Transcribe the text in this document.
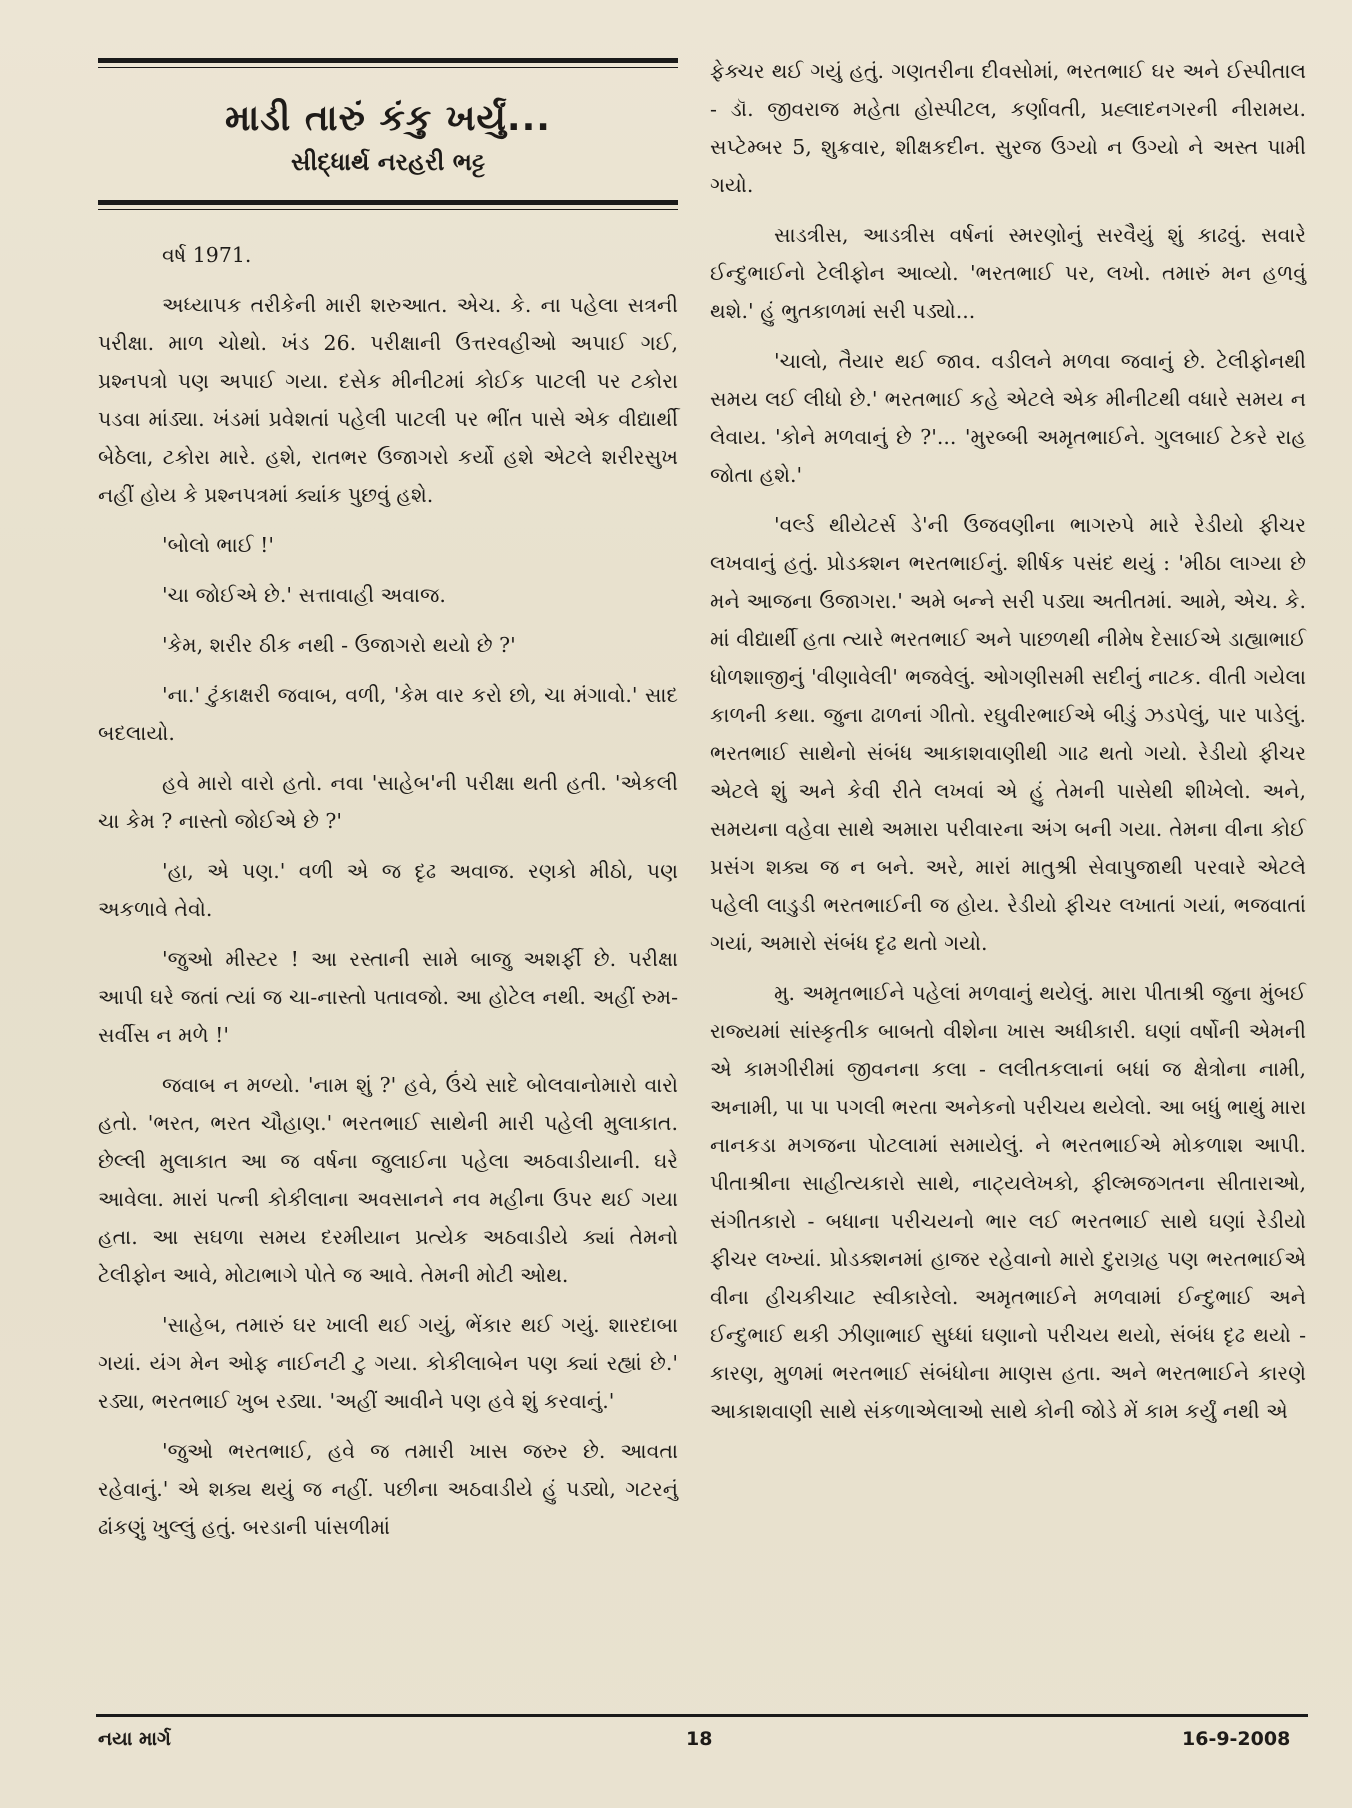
માડી તારું કંકુ ખર્યું...
સીદ્ધાર્થ નરહરી ભટ્ટ

વર્ષ 1971.

અધ્યાપક તરીકેની મારી શરુઆત. એચ. કે. ના પહેલા સત્રની પરીક્ષા. માળ ચોથો. ખંડ 26. પરીક્ષાની ઉત્તરવહીઓ અપાઈ ગઈ, પ્રશ્નપત્રો પણ અપાઈ ગયા. દસેક મીનીટમાં કોઈક પાટલી પર ટકોરા પડવા માંડ્યા. ખંડમાં પ્રવેશતાં પહેલી પાટલી પર ભીંત પાસે એક વીદ્યાર્થી બેઠેલા, ટકોરા મારે. હશે, રાતભર ઉજાગરો કર્યો હશે એટલે શરીરસુખ નહીં હોય કે પ્રશ્નપત્રમાં ક્યાંક પુછવું હશે.

'બોલો ભાઈ !'

'ચા જોઈએ છે.' સત્તાવાહી અવાજ.

'કેમ, શરીર ઠીક નથી - ઉજાગરો થયો છે ?'

'ના.' ટુંકાક્ષરી જવાબ, વળી, 'કેમ વાર કરો છો, ચા મંગાવો.' સાદ બદલાયો.

હવે મારો વારો હતો. નવા 'સાહેબ'ની પરીક્ષા થતી હતી. 'એકલી ચા કેમ ? નાસ્તો જોઈએ છે ?'

'હા, એ પણ.' વળી એ જ દૃઢ અવાજ. રણકો મીઠો, પણ અકળાવે તેવો.

'જુઓ મીસ્ટર ! આ રસ્તાની સામે બાજુ અશર્ફી છે. પરીક્ષા આપી ઘરે જતાં ત્યાં જ ચા-નાસ્તો પતાવજો. આ હોટેલ નથી. અહીં રુમ-સર્વીસ ન મળે !'

જવાબ ન મળ્યો. 'નામ શું ?' હવે, ઉંચે સાદે બોલવાનોમારો વારો હતો. 'ભરત, ભરત ચૌહાણ.' ભરતભાઈ સાથેની મારી પહેલી મુલાકાત. છેલ્લી મુલાકાત આ જ વર્ષના જુલાઈના પહેલા અઠવાડીયાની. ઘરે આવેલા. મારાં પત્ની કોકીલાના અવસાનને નવ મહીના ઉપર થઈ ગયા હતા. આ સઘળા સમય દરમીયાન પ્રત્યેક અઠવાડીયે ક્યાં તેમનો ટેલીફોન આવે, મોટાભાગે પોતે જ આવે. તેમની મોટી ઓથ.

'સાહેબ, તમારું ઘર ખાલી થઈ ગયું, ભેંકાર થઈ ગયું. શારદાબા ગયાં. યંગ મેન ઓફ નાઈનટી ટુ ગયા. કોકીલાબેન પણ ક્યાં રહ્યાં છે.' રડ્યા, ભરતભાઈ ખુબ રડ્યા. 'અહીં આવીને પણ હવે શું કરવાનું.'

'જુઓ ભરતભાઈ, હવે જ તમારી ખાસ જરુર છે. આવતા રહેવાનું.' એ શક્ય થયું જ નહીં. પછીના અઠવાડીયે હું પડ્યો, ગટરનું ઢાંકણું ખુલ્લું હતું. બરડાની પાંસળીમાં

ફેક્ચર થઈ ગયું હતું. ગણતરીના દીવસોમાં, ભરતભાઈ ઘર અને ઈસ્પીતાલ - ડૉ. જીવરાજ મહેતા હોસ્પીટલ, કર્ણાવતી, પ્રહ્લાદનગરની નીરામય. સપ્ટેમ્બર 5, શુક્રવાર, શીક્ષકદીન. સુરજ ઉગ્યો ન ઉગ્યો ને અસ્ત પામી ગયો.

સાડત્રીસ, આડત્રીસ વર્ષનાં સ્મરણોનું સરવૈયું શું કાઢવું. સવારે ઈન્દુભાઈનો ટેલીફોન આવ્યો. 'ભરતભાઈ પર, લખો. તમારું મન હળવું થશે.' હું ભુતકાળમાં સરી પડ્યો...

'ચાલો, તૈયાર થઈ જાવ. વડીલને મળવા જવાનું છે. ટેલીફોનથી સમય લઈ લીધો છે.' ભરતભાઈ કહે એટલે એક મીનીટથી વધારે સમય ન લેવાય. 'કોને મળવાનું છે ?'... 'મુરબ્બી અમૃતભાઈને. ગુલબાઈ ટેકરે રાહ જોતા હશે.'

'વર્લ્ડ થીયેટર્સ ડે'ની ઉજવણીના ભાગરુપે મારે રેડીયો ફીચર લખવાનું હતું. પ્રોડક્શન ભરતભાઈનું. શીર્ષક પસંદ થયું : 'મીઠા લાગ્યા છે મને આજના ઉજાગરા.' અમે બન્ને સરી પડ્યા અતીતમાં. આમે, એચ. કે. માં વીદ્યાર્થી હતા ત્યારે ભરતભાઈ અને પાછળથી નીમેષ દેસાઈએ ડાહ્યાભાઈ ધોળશાજીનું 'વીણાવેલી' ભજવેલું. ઓગણીસમી સદીનું નાટક. વીતી ગયેલા કાળની કથા. જુના ઢાળનાં ગીતો. રઘુવીરભાઈએ બીડું ઝડપેલું, પાર પાડેલું. ભરતભાઈ સાથેનો સંબંધ આકાશવાણીથી ગાઢ થતો ગયો. રેડીયો ફીચર એટલે શું અને કેવી રીતે લખવાં એ હું તેમની પાસેથી શીખેલો. અને, સમયના વહેવા સાથે અમારા પરીવારના અંગ બની ગયા. તેમના વીના કોઈ પ્રસંગ શક્ય જ ન બને. અરે, મારાં માતુશ્રી સેવાપુજાથી પરવારે એટલે પહેલી લાડુડી ભરતભાઈની જ હોય. રેડીયો ફીચર લખાતાં ગયાં, ભજવાતાં ગયાં, અમારો સંબંધ દૃઢ થતો ગયો.

મુ. અમૃતભાઈને પહેલાં મળવાનું થયેલું. મારા પીતાશ્રી જુના મુંબઈ રાજ્યમાં સાંસ્કૃતીક બાબતો વીશેના ખાસ અધીકારી. ઘણાં વર્ષોની એમની એ કામગીરીમાં જીવનના કલા - લલીતકલાનાં બધાં જ ક્ષેત્રોના નામી, અનામી, પા પા પગલી ભરતા અનેકનો પરીચય થયેલો. આ બધું ભાથું મારા નાનકડા મગજના પોટલામાં સમાયેલું. ને ભરતભાઈએ મોકળાશ આપી. પીતાશ્રીના સાહીત્યકારો સાથે, નાટ્યલેખકો, ફીલ્મજગતના સીતારાઓ, સંગીતકારો - બધાના પરીચયનો ભાર લઈ ભરતભાઈ સાથે ઘણાં રેડીયો ફીચર લખ્યાં. પ્રોડક્શનમાં હાજર રહેવાનો મારો દુરાગ્રહ પણ ભરતભાઈએ વીના હીચકીચાટ સ્વીકારેલો. અમૃતભાઈને મળવામાં ઈન્દુભાઈ અને ઈન્દુભાઈ થકી ઝીણાભાઈ સુધ્ધાં ઘણાનો પરીચય થયો, સંબંધ દૃઢ થયો - કારણ, મુળમાં ભરતભાઈ સંબંધોના માણસ હતા. અને ભરતભાઈને કારણે આકાશવાણી સાથે સંકળાએલાઓ સાથે કોની જોડે મેં કામ કર્યું નથી એ

નયા માર્ગ	18	16-9-2008
